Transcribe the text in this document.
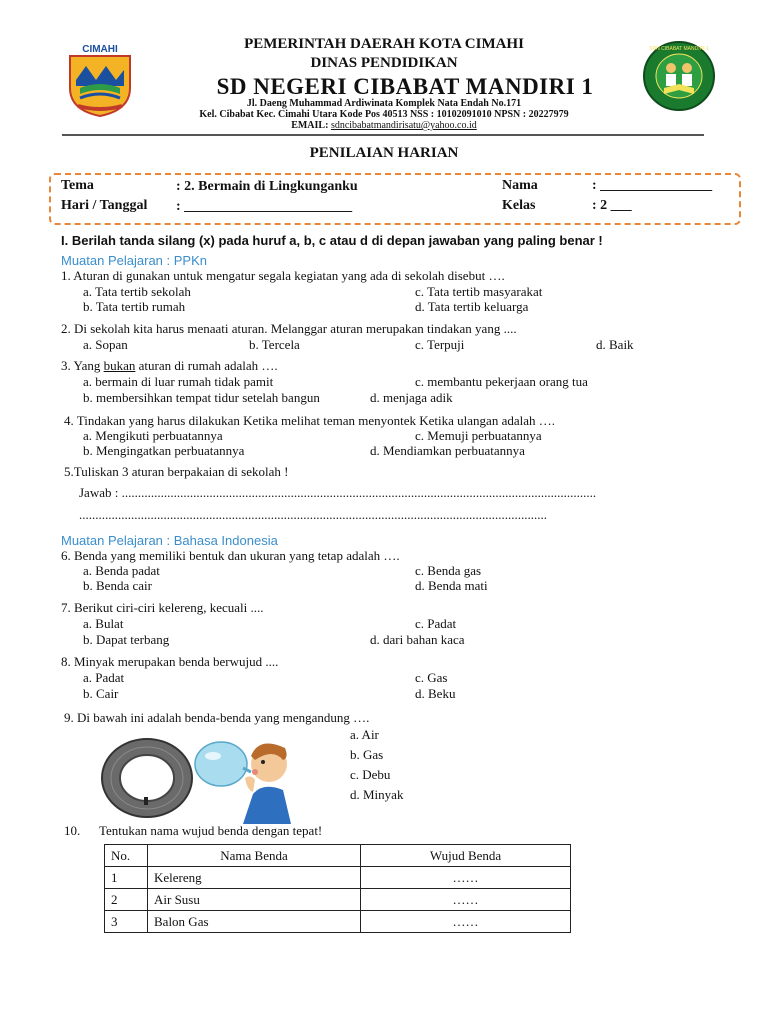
CIMAHI	SDN CIBABAT MANDIRI 1
PEMERINTAH DAERAH KOTA CIMAHI
DINAS PENDIDIKAN
SD NEGERI CIBABAT MANDIRI 1
Jl. Daeng Muhammad Ardiwinata Komplek Nata Endah No.171
Kel. Cibabat Kec. Cimahi Utara Kode Pos 40513 NSS : 10102091010 NPSN : 20227979
EMAIL: sdncibabatmandirisatu@yahoo.co.id
PENILAIAN HARIAN
Tema	: 2. Bermain di Lingkunganku
Hari / Tanggal : ________________________
Nama	: ________________
Kelas	: 2 ___
I. Berilah tanda silang (x) pada huruf a, b, c atau d di depan jawaban yang paling benar !
Muatan Pelajaran : PPKn
1. Aturan di gunakan untuk mengatur segala kegiatan yang ada di sekolah disebut ….
a. Tata tertib sekolah	c. Tata tertib masyarakat
b. Tata tertib rumah	d. Tata tertib keluarga
2. Di sekolah kita harus menaati aturan. Melanggar aturan merupakan tindakan yang ....
a. Sopan	b. Tercela	c. Terpuji	d. Baik
3. Yang bukan aturan di rumah adalah ….
a. bermain di luar rumah tidak pamit	c. membantu pekerjaan orang tua
b. membersihkan tempat tidur setelah bangun	d. menjaga adik
4. Tindakan yang harus dilakukan Ketika melihat teman menyontek Ketika ulangan adalah ….
a. Mengikuti perbuatannya	c. Memuji perbuatannya
b. Mengingatkan perbuatannya	d. Mendiamkan perbuatannya
5.Tuliskan 3 aturan berpakaian di sekolah !
Jawab : ..................................................................................................................................................
................................................................................................................................................
Muatan Pelajaran : Bahasa Indonesia
6. Benda yang memiliki bentuk dan ukuran yang tetap adalah ….
a. Benda padat	c. Benda gas
b. Benda cair	d. Benda mati
7. Berikut ciri-ciri kelereng, kecuali ....
a. Bulat	c. Padat
b. Dapat terbang	d. dari bahan kaca
8. Minyak merupakan benda berwujud ....
a. Padat	c. Gas
b. Cair	d. Beku
9. Di bawah ini adalah benda-benda yang mengandung ….
a. Air
b. Gas
c. Debu
d. Minyak
10. Tentukan nama wujud benda dengan tepat!
No.	Nama Benda	Wujud Benda
1	Kelereng	……
2	Air Susu	……
3	Balon Gas	……
